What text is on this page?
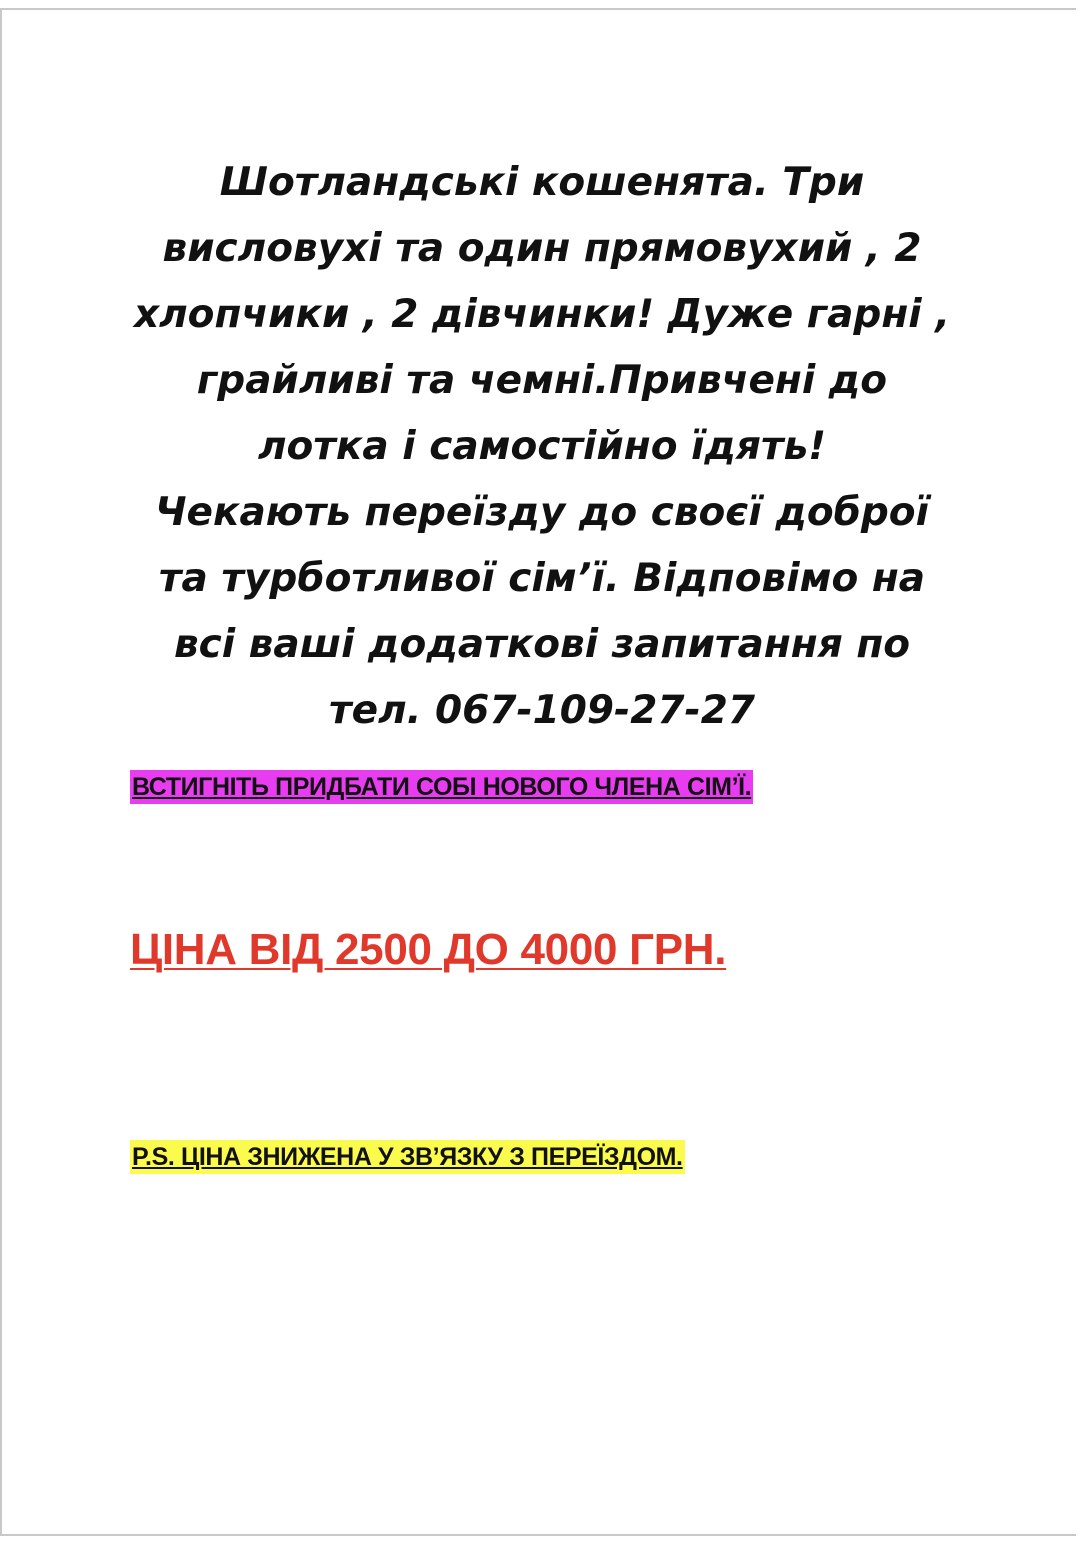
Шотландські кошенята. Три
висловухі та один прямовухий , 2
хлопчики , 2 дівчинки! Дуже гарні ,
грайливі та чемні.Привчені до
лотка і самостійно їдять!
Чекають переїзду до своєї доброї
та турботливої сім’ї. Відповімо на
всі ваші додаткові запитання по
тел. 067-109-27-27

ВСТИГНІТЬ ПРИДБАТИ СОБІ НОВОГО ЧЛЕНА СІМ’Ї.
ЦІНА ВІД 2500 ДО 4000 ГРН.
P.S. ЦІНА ЗНИЖЕНА У ЗВ’ЯЗКУ З ПЕРЕЇЗДОМ.
